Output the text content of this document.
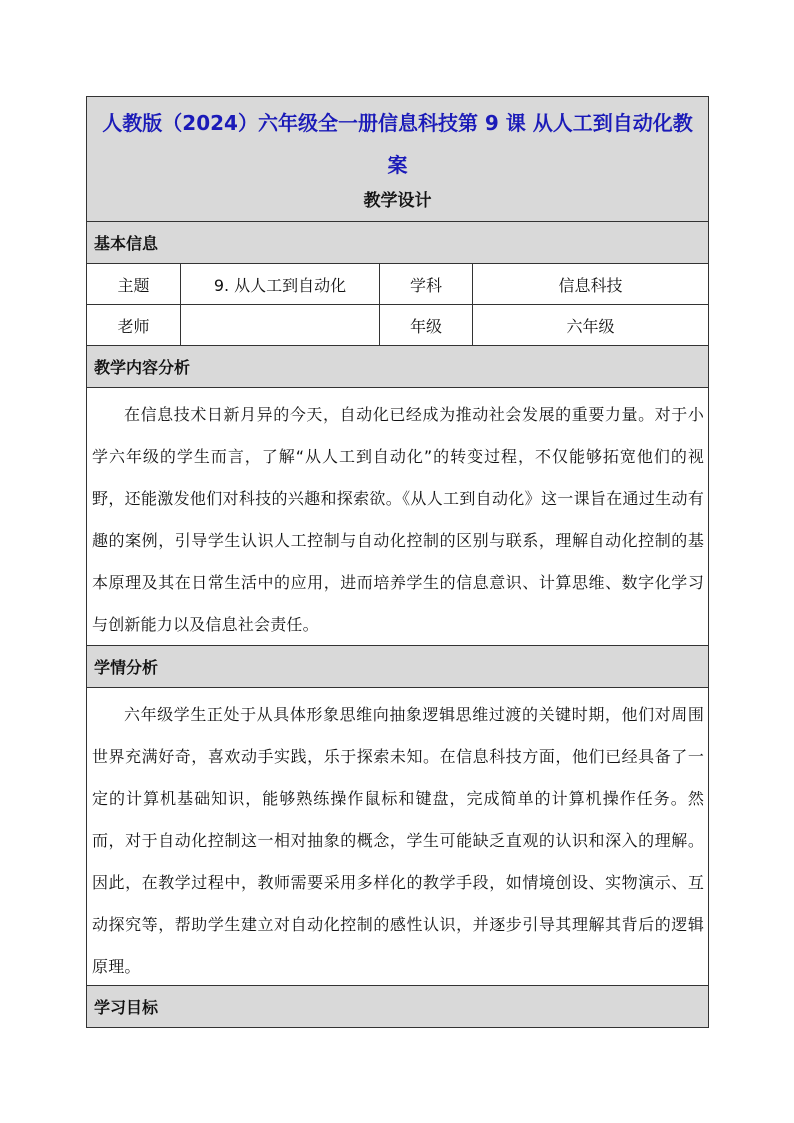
人教版（2024）六年级全一册信息科技第 9 课 从人工到自动化教案
教学设计			

基本信息			
主题	9. 从人工到自动化	学科	信息科技
老师		年级	六年级
教学内容分析			

在信息技术日新月异的今天，自动化已经成为推动社会发展的重要力量。对于小学六年级的学生而言，了解“从人工到自动化”的转变过程，不仅能够拓宽他们的视野，还能激发他们对科技的兴趣和探索欲。《从人工到自动化》这一课旨在通过生动有趣的案例，引导学生认识人工控制与自动化控制的区别与联系，理解自动化控制的基本原理及其在日常生活中的应用，进而培养学生的信息意识、计算思维、数字化学习与创新能力以及信息社会责任。			

学情分析			

六年级学生正处于从具体形象思维向抽象逻辑思维过渡的关键时期，他们对周围世界充满好奇，喜欢动手实践，乐于探索未知。在信息科技方面，他们已经具备了一定的计算机基础知识，能够熟练操作鼠标和键盘，完成简单的计算机操作任务。然而，对于自动化控制这一相对抽象的概念，学生可能缺乏直观的认识和深入的理解。因此，在教学过程中，教师需要采用多样化的教学手段，如情境创设、实物演示、互动探究等，帮助学生建立对自动化控制的感性认识，并逐步引导其理解其背后的逻辑原理。			

学习目标			
